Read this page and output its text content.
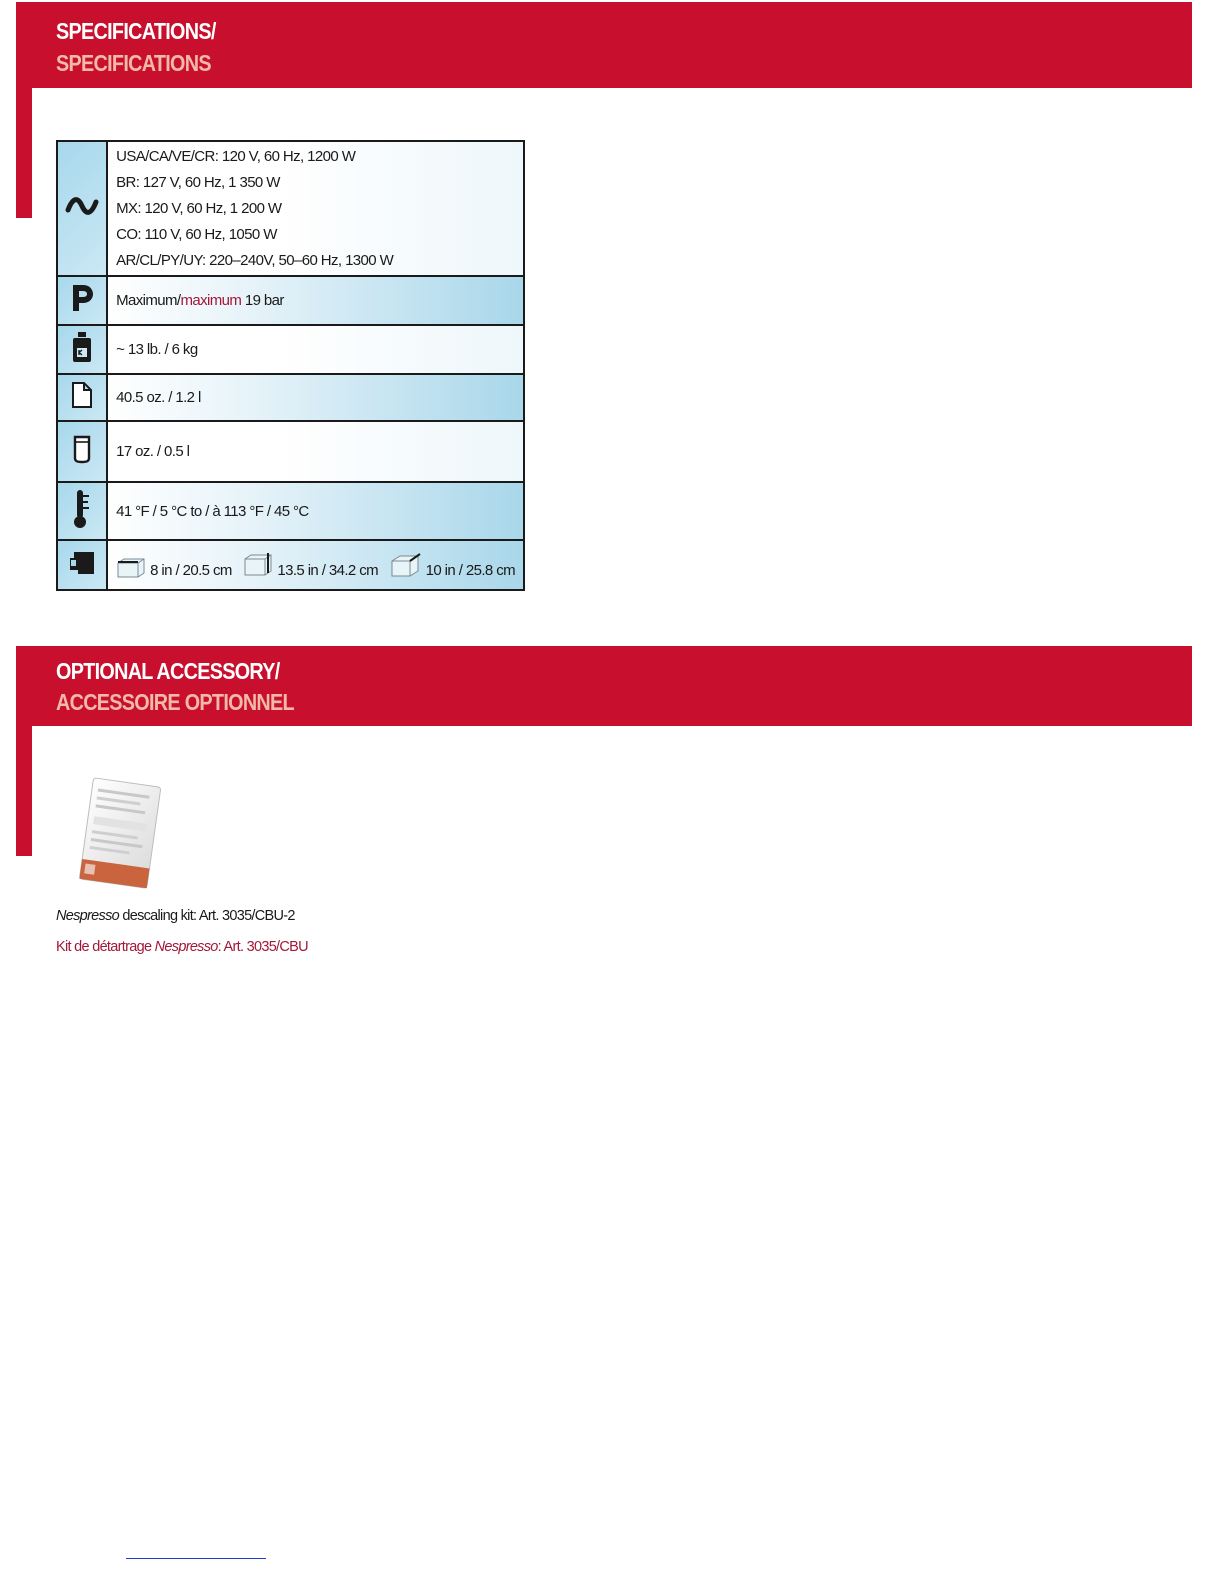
SPECIFICATIONS/
SPECIFICATIONS

USA/CA/VE/CR: 120 V, 60 Hz, 1200 W
BR: 127 V, 60 Hz, 1 350 W
MX: 120 V, 60 Hz, 1 200 W
CO: 110 V, 60 Hz, 1050 W
AR/CL/PY/UY: 220–240V, 50–60 Hz, 1300 W

	Maximum/maximum 19 bar
	~ 13 lb. / 6 kg
	40.5 oz. / 1.2 l
	17 oz. / 0.5 l
	41 °F / 5 °C to / à 113 °F / 45 °C

8 in / 20.5 cm
13.5 in / 34.2 cm
10 in / 25.8 cm
OPTIONAL ACCESSORY/
ACCESSOIRE OPTIONNEL
Nespresso descaling kit: Art. 3035/CBU-2
Kit de détartrage Nespresso: Art. 3035/CBU
